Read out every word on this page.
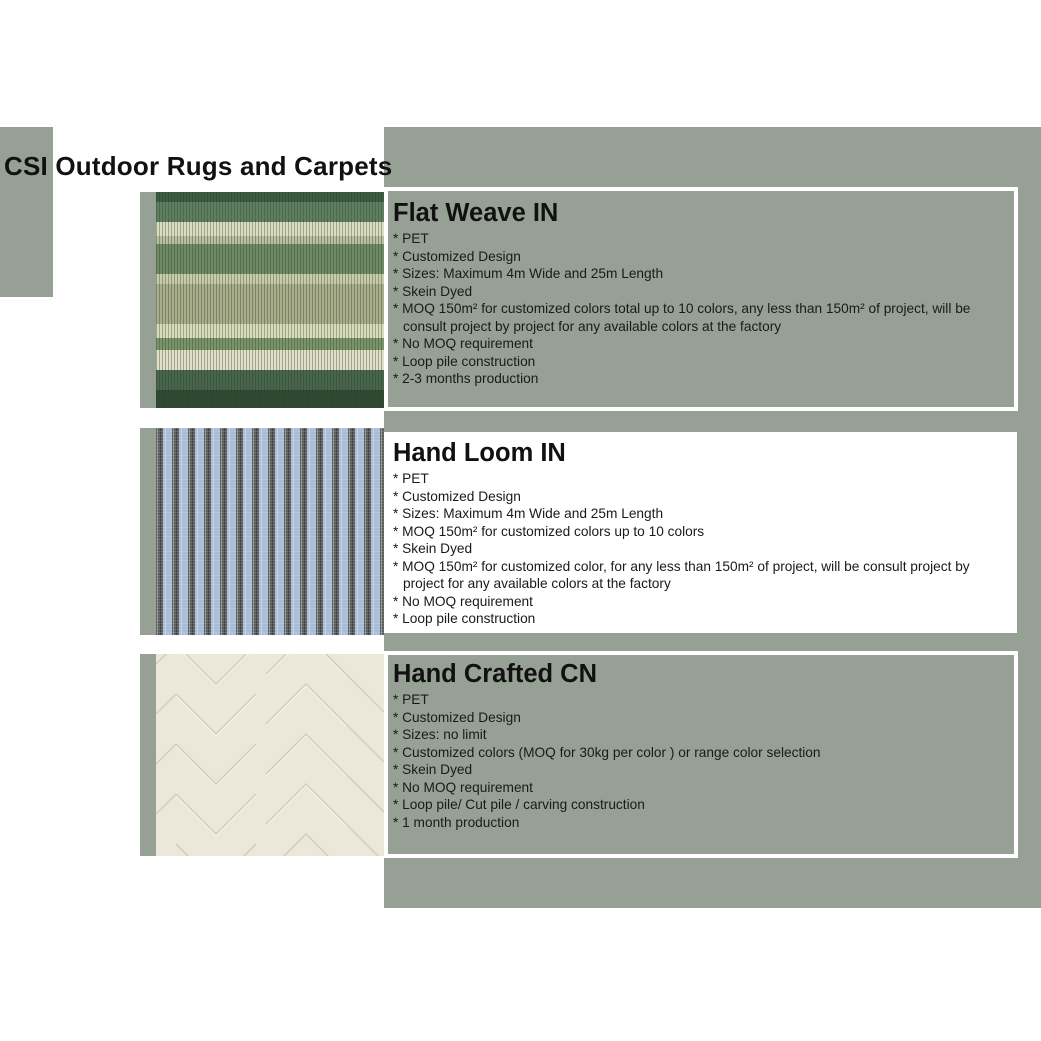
CSI Outdoor Rugs and Carpets
Flat Weave IN
* PET
* Customized Design
* Sizes: Maximum 4m Wide and 25m Length
* Skein Dyed
* MOQ 150m² for customized colors total up to 10 colors, any less than 150m² of project, will be consult project by project for any available colors at the factory
* No MOQ requirement
* Loop pile construction
* 2-3 months production
Hand Loom IN
* PET
* Customized Design
* Sizes: Maximum 4m Wide and 25m Length
* MOQ 150m² for customized colors up to 10 colors
* Skein Dyed
* MOQ 150m² for customized color, for any less than 150m² of project, will be consult project by project for any available colors at the factory
* No MOQ requirement
* Loop pile construction
Hand Crafted CN
* PET
* Customized Design
* Sizes: no limit
* Customized colors (MOQ for 30kg per color ) or range color selection
* Skein Dyed
* No MOQ requirement
* Loop pile/ Cut pile / carving construction
* 1 month production
